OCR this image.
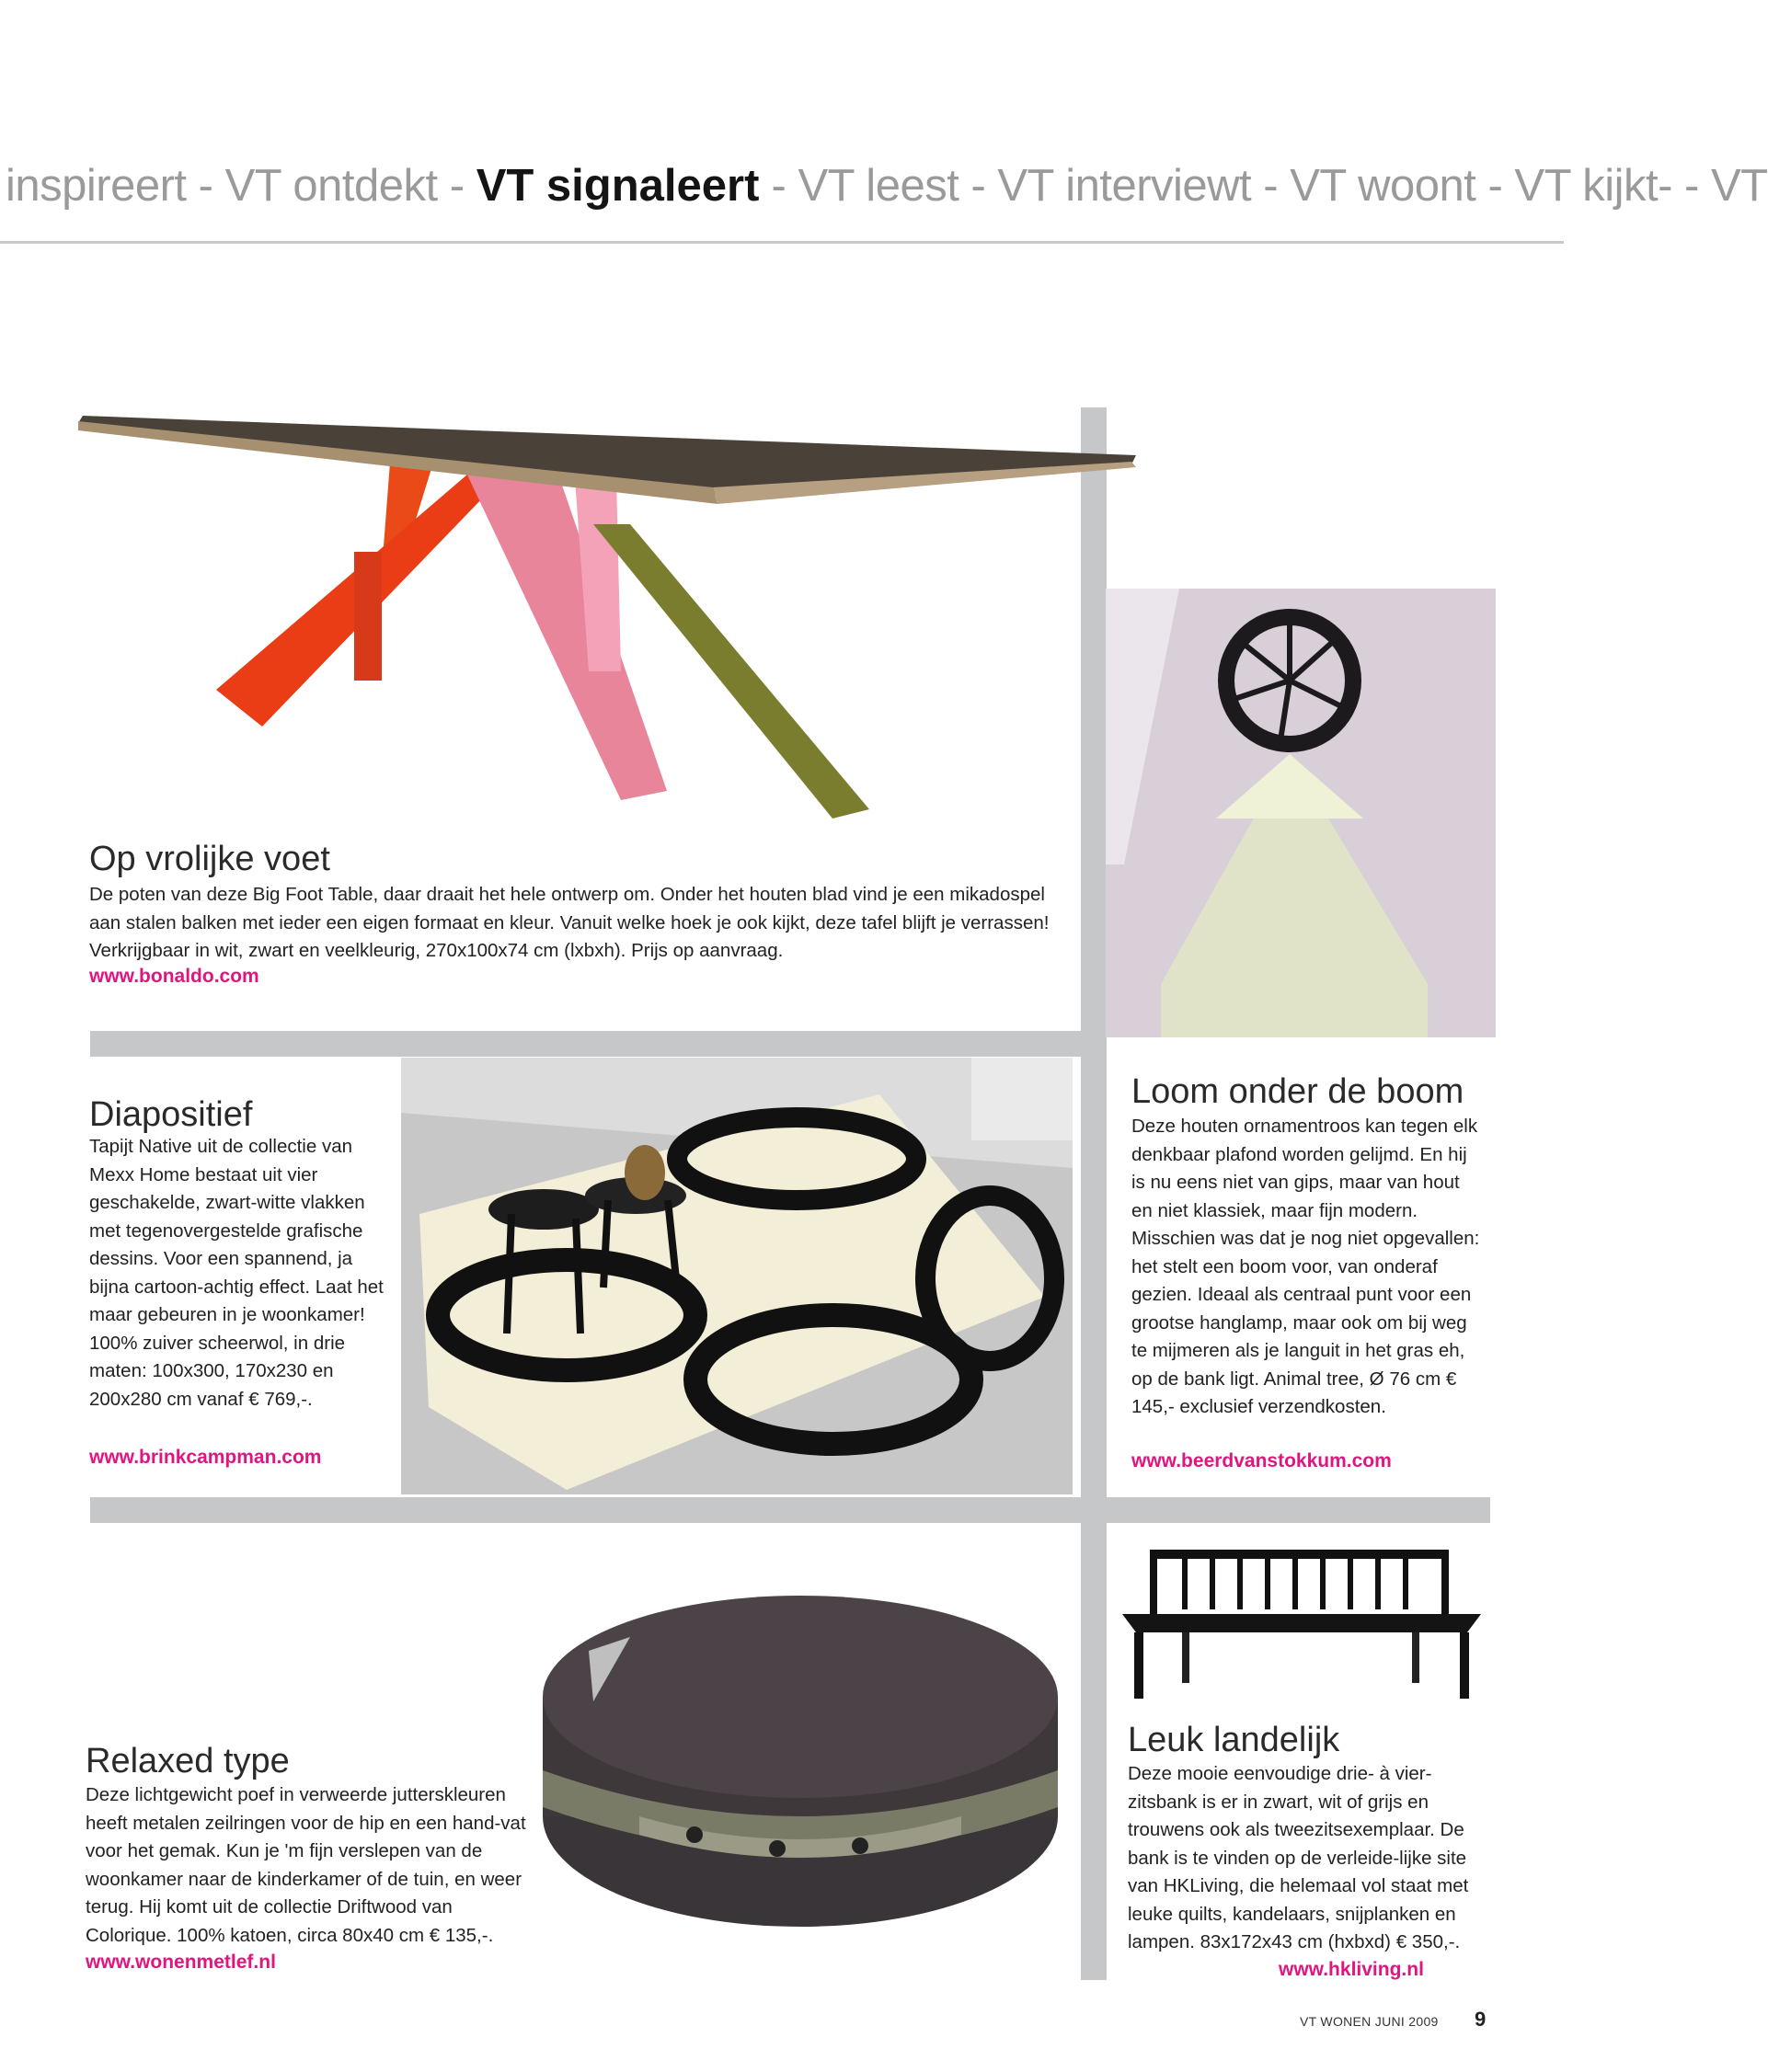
inspireert - VT ontdekt - VT signaleert - VT leest - VT interviewt - VT woont - VT kijkt- - VT
Op vrolijke voet
De poten van deze Big Foot Table, daar draait het hele ontwerp om. Onder het houten blad vind je een mikadospel aan stalen balken met ieder een eigen formaat en kleur. Vanuit welke hoek je ook kijkt, deze tafel blijft je verrassen! Verkrijgbaar in wit, zwart en veelkleurig, 270x100x74 cm (lxbxh). Prijs op aanvraag.
www.bonaldo.com
Loom onder de boom
Deze houten ornamentroos kan tegen elk denkbaar plafond worden gelijmd. En hij is nu eens niet van gips, maar van hout en niet klassiek, maar fijn modern. Misschien was dat je nog niet opgevallen: het stelt een boom voor, van onderaf gezien. Ideaal als centraal punt voor een grootse hanglamp, maar ook om bij weg te mijmeren als je languit in het gras eh, op de bank ligt. Animal tree, Ø 76 cm € 145,- exclusief verzendkosten.
www.beerdvanstokkum.com
Diapositief
Tapijt Native uit de collectie van Mexx Home bestaat uit vier geschakelde, zwart-witte vlakken met tegenovergestelde grafische dessins. Voor een spannend, ja bijna cartoon-achtig effect. Laat het maar gebeuren in je woonkamer! 100% zuiver scheerwol, in drie maten: 100x300, 170x230 en 200x280 cm vanaf € 769,-.
www.brinkcampman.com
Relaxed type
Deze lichtgewicht poef in verweerde jutterskleuren heeft metalen zeilringen voor de hip en een hand-vat voor het gemak. Kun je 'm fijn verslepen van de woonkamer naar de kinderkamer of de tuin, en weer terug. Hij komt uit de collectie Driftwood van Colorique. 100% katoen, circa 80x40 cm € 135,-.
www.wonenmetlef.nl
Leuk landelijk
Deze mooie eenvoudige drie- à vier-zitsbank is er in zwart, wit of grijs en trouwens ook als tweezitsexemplaar. De bank is te vinden op de verleide-lijke site van HKLiving, die helemaal vol staat met leuke quilts, kandelaars, snijplanken en lampen. 83x172x43 cm (hxbxd) € 350,-.
www.hkliving.nl
VT WONEN JUNI 2009 9
